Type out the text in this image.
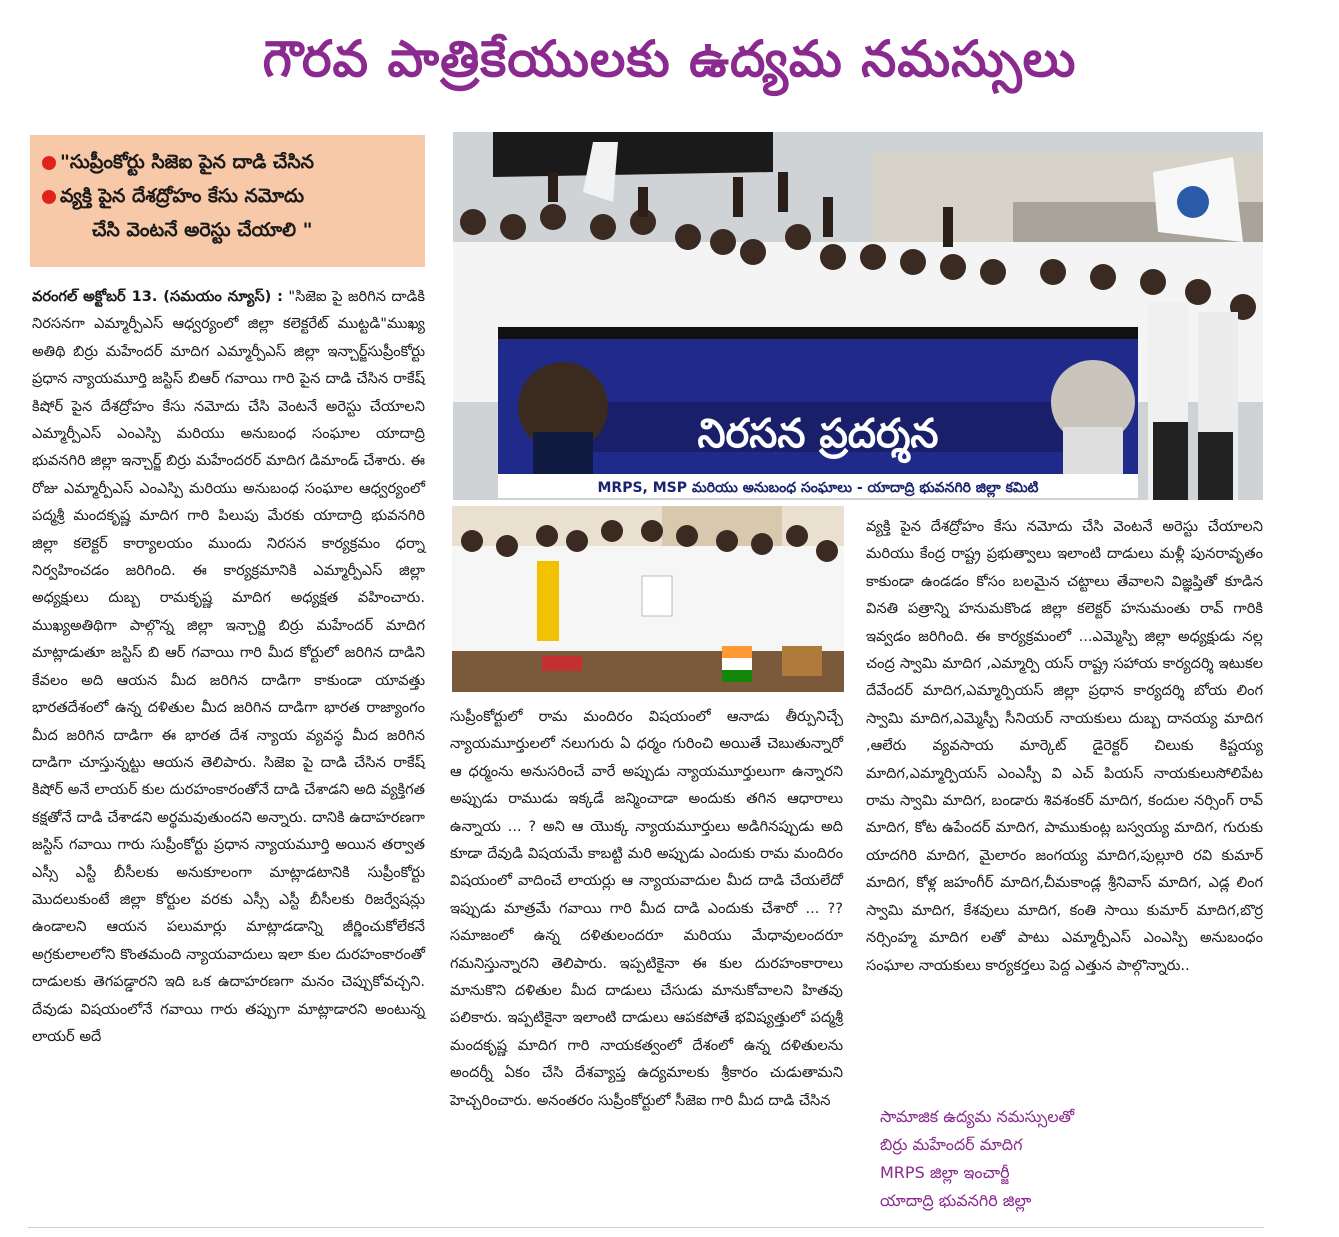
గౌరవ పాత్రికేయులకు ఉద్యమ నమస్సులు
"సుప్రీంకోర్టు సిజెఐ పైన దాడి చేసిన
వ్యక్తి పైన దేశద్రోహం కేసు నమోదు
చేసి వెంటనే అరెస్టు చేయాలి "
నిరసన ప్రదర్శన
MRPS, MSP మరియు అనుబంధ సంఘాలు - యాదాద్రి భువనగిరి జిల్లా కమిటి

వరంగల్ అక్టోబర్ 13. (సమయం న్యూస్) : "సిజెఐ పై జరిగిన దాడికి నిరసనగా ఎమ్మార్పీఎస్ ఆధ్వర్యంలో జిల్లా కలెక్టరేట్ ముట్టడి"ముఖ్య అతిథి బిర్రు మహేందర్ మాదిగ ఎమ్మార్పీఎస్ జిల్లా ఇన్చార్జ్‌సుప్రీంకోర్టు ప్రధాన న్యాయమూర్తి జస్టిస్ బిఆర్ గవాయి గారి పైన దాడి చేసిన రాకేష్ కిషోర్ పైన దేశద్రోహం కేసు నమోదు చేసి వెంటనే అరెస్టు చేయాలని ఎమ్మార్పీఎస్ ఎంఎస్పి మరియు అనుబంధ సంఘాల యాదాద్రి భువనగిరి జిల్లా ఇన్చార్జ్ బిర్రు మహేందరర్ మాదిగ డిమాండ్ చేశారు. ఈ రోజు ఎమ్మార్పీఎస్ ఎంఎస్పి మరియు అనుబంధ సంఘాల ఆధ్వర్యంలో పద్మశ్రీ మందకృష్ణ మాదిగ గారి పిలుపు మేరకు యాదాద్రి భువనగిరి జిల్లా కలెక్టర్ కార్యాలయం ముందు నిరసన కార్యక్రమం ధర్నా నిర్వహించడం జరిగింది. ఈ కార్యక్రమానికి ఎమ్మార్పీఎస్ జిల్లా అధ్యక్షులు దుబ్బ రామకృష్ణ మాదిగ అధ్యక్షత వహించారు. ముఖ్యఅతిథిగా పాల్గొన్న జిల్లా ఇన్చార్జి బిర్రు మహేందర్ మాదిగ మాట్లాడుతూ జస్టిస్ బి ఆర్ గవాయి గారి మీద కోర్టులో జరిగిన దాడిని కేవలం అది ఆయన మీద జరిగిన దాడిగా కాకుండా యావత్తు భారతదేశంలో ఉన్న దళితుల మీద జరిగిన దాడిగా భారత రాజ్యాంగం మీద జరిగిన దాడిగా ఈ భారత దేశ న్యాయ వ్యవస్థ మీద జరిగిన దాడిగా చూస్తున్నట్టు ఆయన తెలిపారు. సిజెఐ పై దాడి చేసిన రాకేష్ కిషోర్ అనే లాయర్ కుల దురహంకారంతోనే దాడి చేశాడని అది వ్యక్తిగత కక్షతోనే దాడి చేశాడని అర్థమవుతుందని అన్నారు. దానికి ఉదాహరణగా జస్టిస్ గవాయి గారు సుప్రీంకోర్టు ప్రధాన న్యాయమూర్తి అయిన తర్వాత ఎస్సీ ఎస్టీ బీసీలకు అనుకూలంగా మాట్లాడటానికి సుప్రీంకోర్టు మొదలుకుంటే జిల్లా కోర్టుల వరకు ఎస్సీ ఎస్టీ బీసీలకు రిజర్వేషన్లు ఉండాలని ఆయన పలుమార్లు మాట్లాడడాన్ని జీర్ణించుకోలేకనే అగ్రకులాలలోని కొంతమంది న్యాయవాదులు ఇలా కుల దురహంకారంతో దాడులకు తెగపడ్డారని ఇది ఒక ఉదాహరణగా మనం చెప్పుకోవచ్చని. దేవుడు విషయంలోనే గవాయి గారు తప్పుగా మాట్లాడారని అంటున్న లాయర్ అదే

సుప్రీంకోర్టులో రామ మందిరం విషయంలో ఆనాడు తీర్పునిచ్చే న్యాయమూర్తులలో నలుగురు ఏ ధర్మం గురించి అయితే చెబుతున్నారో ఆ ధర్మంను అనుసరించే వారే అప్పుడు న్యాయమూర్తులుగా ఉన్నారని అప్పుడు రాముడు ఇక్కడే జన్మించాడా అందుకు తగిన ఆధారాలు ఉన్నాయ ... ? అని ఆ యొక్క న్యాయమూర్తులు అడిగినప్పుడు అది కూడా దేవుడి విషయమే కాబట్టి మరి అప్పుడు ఎందుకు రామ మందిరం విషయంలో వాదించే లాయర్లు ఆ న్యాయవాదుల మీద దాడి చేయలేదో ఇప్పుడు మాత్రమే గవాయి గారి మీద దాడి ఎందుకు చేశారో ... ?? సమాజంలో ఉన్న దళితులందరూ మరియు మేధావులందరూ గమనిస్తున్నారని తెలిపారు. ఇప్పటికైనా ఈ కుల దురహంకారాలు మానుకొని దళితుల మీద దాడులు చేసుడు మానుకోవాలని హితవు పలికారు. ఇప్పటికైనా ఇలాంటి దాడులు ఆపకపోతే భవిష్యత్తులో పద్మశ్రీ మందకృష్ణ మాదిగ గారి నాయకత్వంలో దేశంలో ఉన్న దళితులను అందర్నీ ఏకం చేసి దేశవ్యాప్త ఉద్యమాలకు శ్రీకారం చుడుతామని హెచ్చరించారు. అనంతరం సుప్రీంకోర్టులో సీజెఐ గారి మీద దాడి చేసిన

వ్యక్తి పైన దేశద్రోహం కేసు నమోదు చేసి వెంటనే అరెస్టు చేయాలని మరియు కేంద్ర రాష్ట్ర ప్రభుత్వాలు ఇలాంటి దాడులు మళ్లీ పునరావృతం కాకుండా ఉండడం కోసం బలమైన చట్టాలు తేవాలని విజ్ఞప్తితో కూడిన వినతి పత్రాన్ని హనుమకొండ జిల్లా కలెక్టర్ హనుమంతు రావ్ గారికి ఇవ్వడం జరిగింది. ఈ కార్యక్రమంలో ...ఎమ్మెస్పి జిల్లా అధ్యక్షుడు నల్ల చంద్ర స్వామి మాదిగ ,ఎమ్మార్పి యస్ రాష్ట్ర సహాయ కార్యదర్శి ఇటుకల దేవేందర్ మాదిగ,ఎమ్మార్పియస్ జిల్లా ప్రధాన కార్యదర్శి బోయ లింగ స్వామి మాదిగ,ఎమ్మెస్పీ సీనియర్ నాయకులు దుబ్బ దానయ్య మాదిగ ,ఆలేరు వ్యవసాయ మార్కెట్ డైరెక్టర్ చిలుకు కిష్టయ్య మాదిగ,ఎమ్మార్పియస్ ఎంఎస్పీ వి ఎచ్ పియస్ నాయకులుసోలిపేట రామ స్వామి మాదిగ, బండారు శివశంకర్ మాదిగ, కందుల నర్సింగ్ రావ్ మాదిగ, కోట ఉపేందర్ మాదిగ, పాముకుంట్ల బస్వయ్య మాదిగ, గురుకు యాదగిరి మాదిగ, మైలారం జంగయ్య మాదిగ,పుల్లూరి రవి కుమార్ మాదిగ, కోళ్ల జహంగీర్ మాదిగ,చీమకాండ్ల శ్రీనివాస్ మాదిగ, ఎడ్ల లింగ స్వామి మాదిగ, కేశవులు మాదిగ, కంతి సాయి కుమార్ మాదిగ,బొర్ర నర్సింహ్మ మాదిగ లతో పాటు ఎమ్మార్పీఎస్ ఎంఎస్పి అనుబంధం సంఘాల నాయకులు కార్యకర్తలు పెద్ద ఎత్తున పాల్గొన్నారు..

సామాజిక ఉద్యమ నమస్సులతో
బిర్రు మహేందర్ మాదిగ
MRPS జిల్లా ఇంచార్జీ
యాదాద్రి భువనగిరి జిల్లా
